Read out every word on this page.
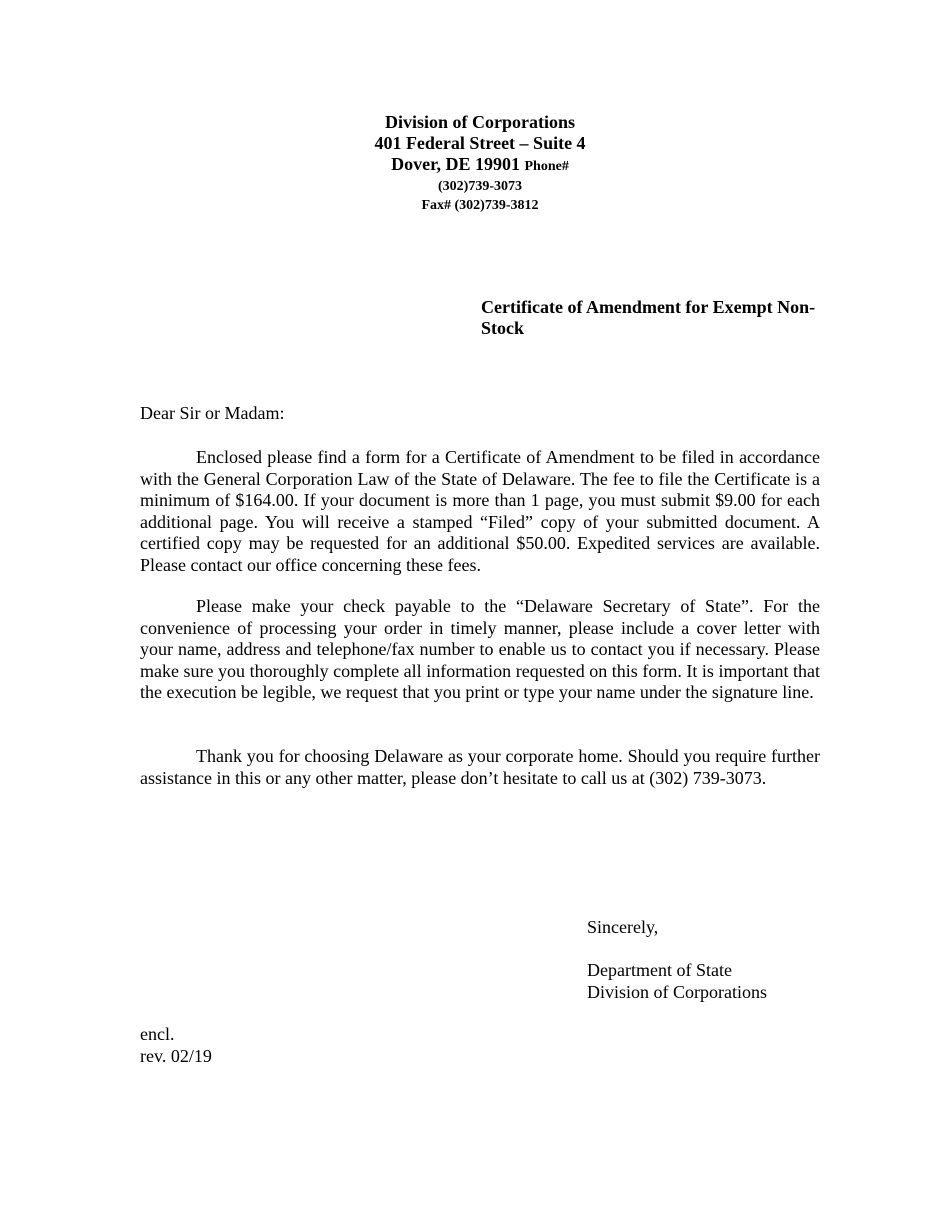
Division of Corporations
401 Federal Street – Suite 4
Dover, DE 19901 Phone#
(302)739-3073
Fax# (302)739-3812
Certificate of Amendment for Exempt Non-Stock
Dear Sir or Madam:

Enclosed please find a form for a Certificate of Amendment to be filed in accordance with the General Corporation Law of the State of Delaware. The fee to file the Certificate is a minimum of $164.00. If your document is more than 1 page, you must submit $9.00 for each additional page. You will receive a stamped “Filed” copy of your submitted document. A certified copy may be requested for an additional $50.00. Expedited services are available. Please contact our office concerning these fees.

Please make your check payable to the “Delaware Secretary of State”. For the convenience of processing your order in timely manner, please include a cover letter with your name, address and telephone/fax number to enable us to contact you if necessary. Please make sure you thoroughly complete all information requested on this form. It is important that the execution be legible, we request that you print or type your name under the signature line.

Thank you for choosing Delaware as your corporate home. Should you require further assistance in this or any other matter, please don’t hesitate to call us at (302) 739-3073.

Sincerely,
Department of State
Division of Corporations
encl.
rev. 02/19
